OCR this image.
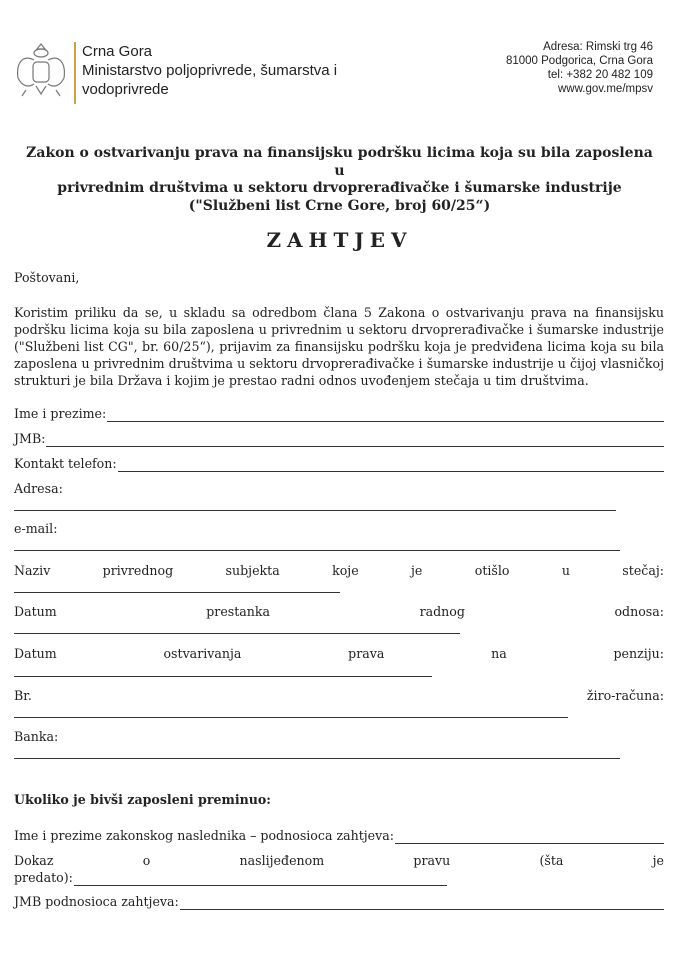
Crna Gora
Ministarstvo poljoprivrede, šumarstva i
vodoprivrede
Adresa: Rimski trg 46
81000 Podgorica, Crna Gora
tel: +382 20 482 109
www.gov.me/mpsv
Zakon o ostvarivanju prava na finansijsku podršku licima koja su bila zaposlena u
privrednim društvima u sektoru drvoprerađivačke i šumarske industrije
("Službeni list Crne Gore, broj 60/25“)
ZAHTJEV
Poštovani,
Koristim priliku da se, u skladu sa odredbom člana 5 Zakona o ostvarivanju prava na finansijsku podršku licima koja su bila zaposlena u privrednim u sektoru drvoprerađivačke i šumarske industrije ("Službeni list CG", br. 60/25“), prijavim za finansijsku podršku koja je predviđena licima koja su bila zaposlena u privrednim društvima u sektoru drvoprerađivačke i šumarske industrije u čijoj vlasničkoj strukturi je bila Država i kojim je prestao radni odnos uvođenjem stečaja u tim društvima.
Ime i prezime:
JMB:
Kontakt telefon:
Adresa:
e-mail:
Naziv privrednog subjekta koje je otišlo u stečaj:
Datum prestanka radnog odnosa:
Datum ostvarivanja prava na penziju:
Br. žiro-računa:
Banka:
Ukoliko je bivši zaposleni preminuo:
Ime i prezime zakonskog naslednika – podnosioca zahtjeva:
Dokaz o naslijeđenom pravu (šta je
predato):
JMB podnosioca zahtjeva:
